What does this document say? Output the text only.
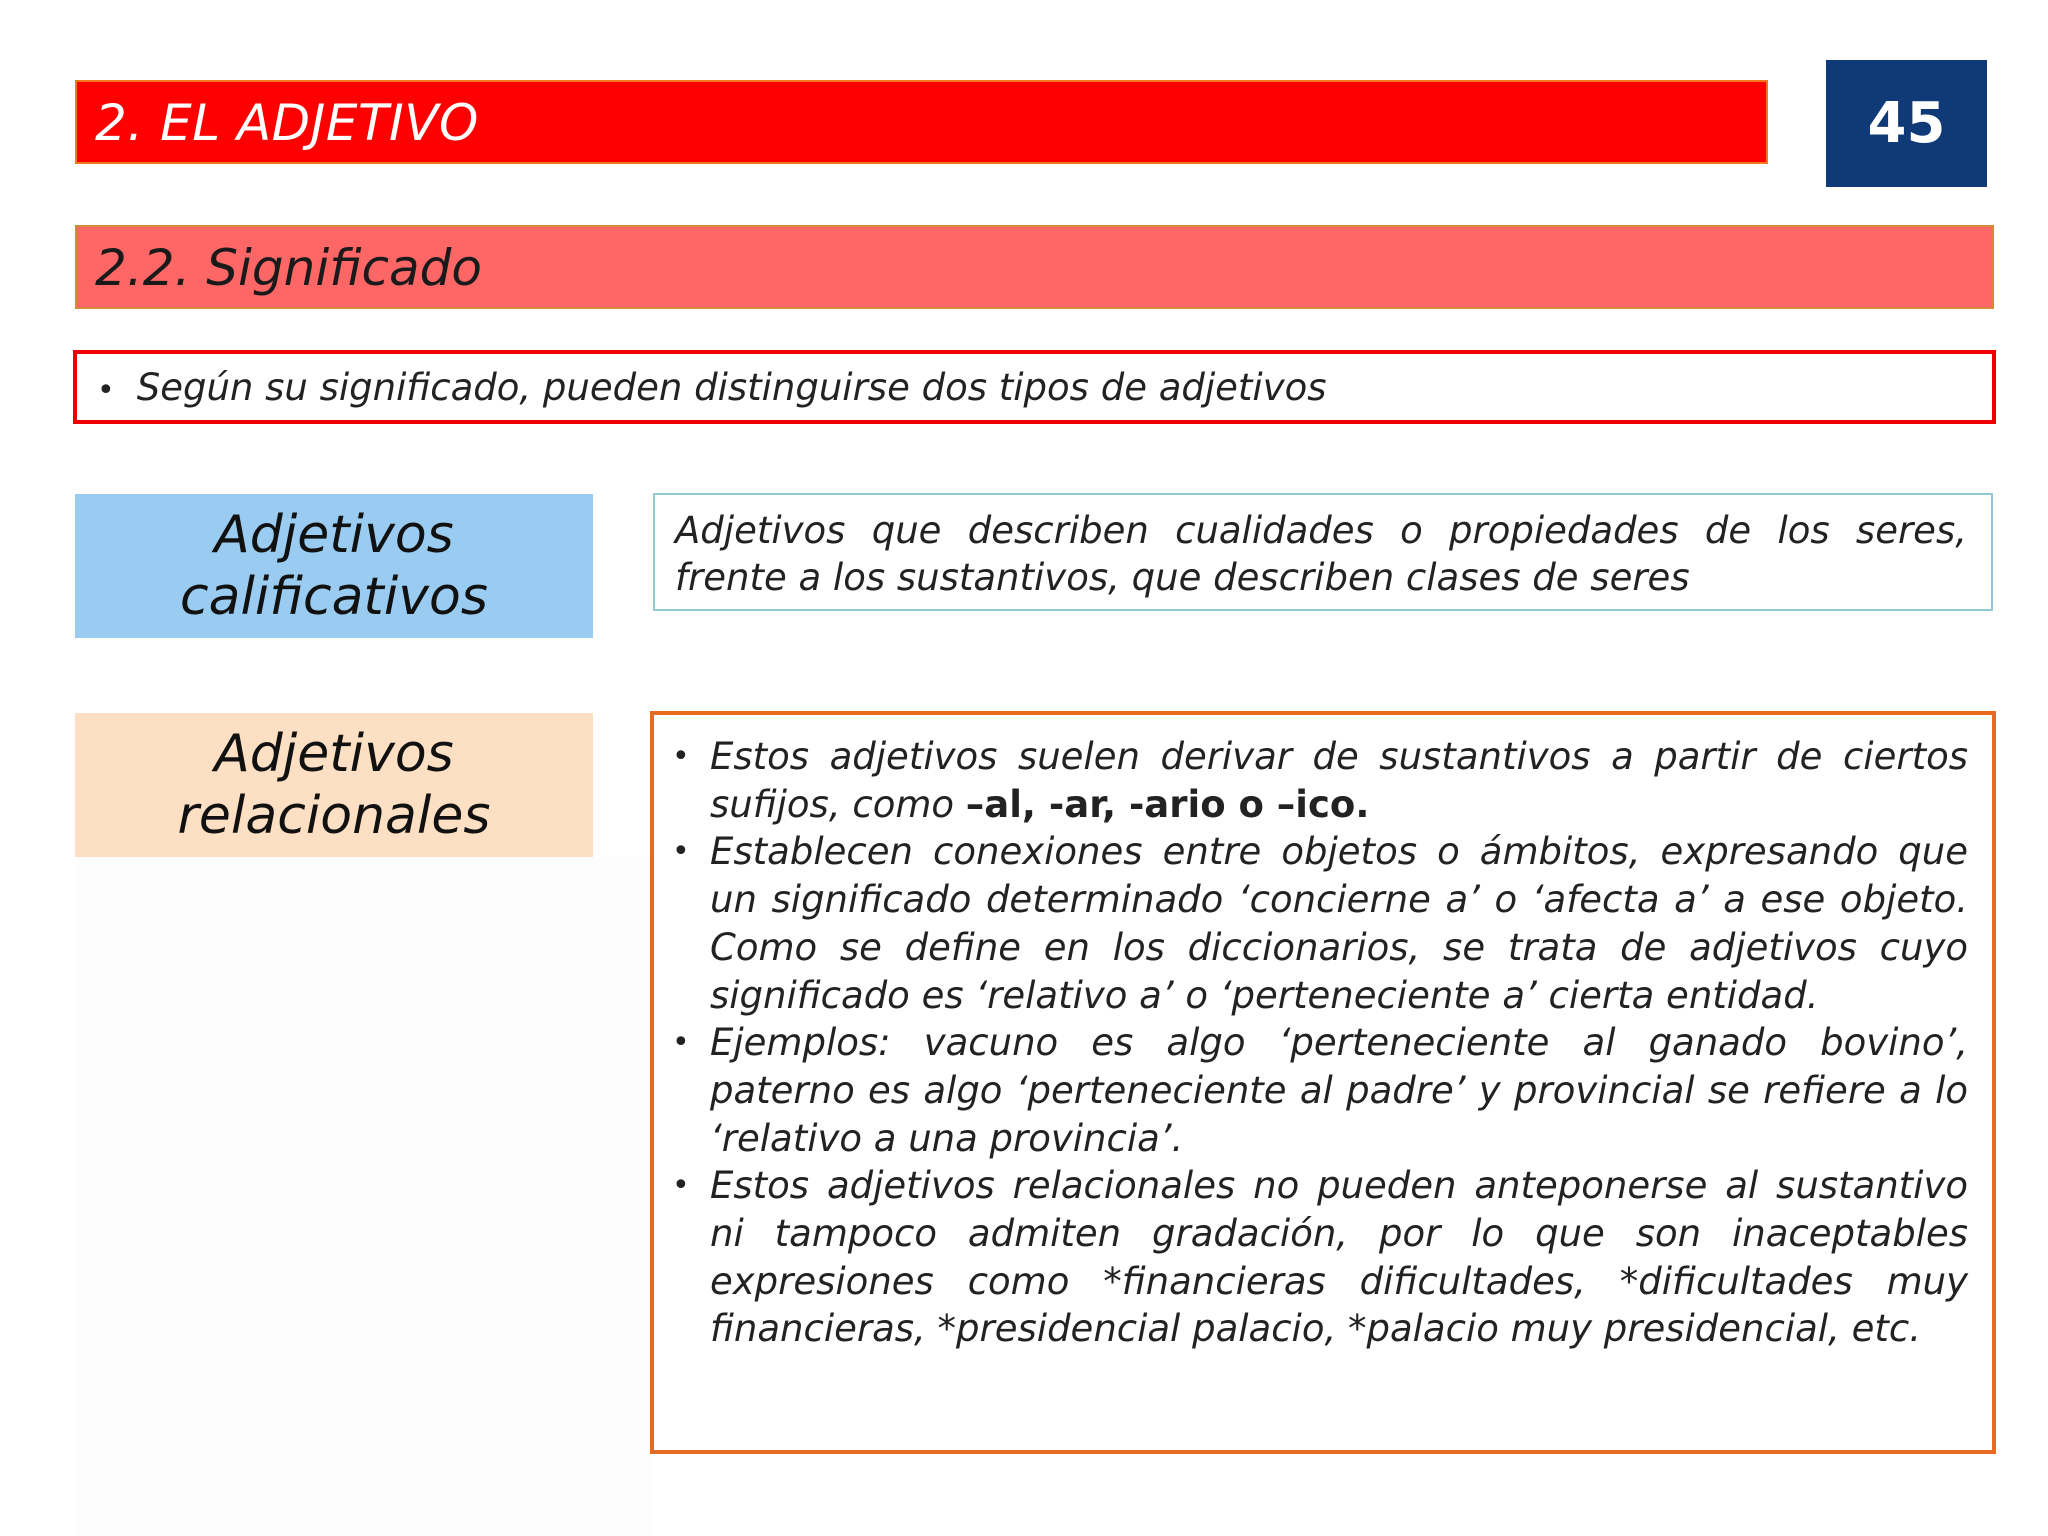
2. EL ADJETIVO	45
2.2. Significado
• Según su significado, pueden distinguirse dos tipos de adjetivos
Adjetivos
calificativos
Adjetivos que describen cualidades o propiedades de los seres, frente a los sustantivos, que describen clases de seres
Adjetivos
relacionales
• Estos adjetivos suelen derivar de sustantivos a partir de ciertos sufijos, como –al, -ar, -ario o –ico.
• Establecen conexiones entre objetos o ámbitos, expresando que un significado determinado ‘concierne a’ o ‘afecta a’ a ese objeto. Como se define en los diccionarios, se trata de adjetivos cuyo significado es ‘relativo a’ o ‘perteneciente a’ cierta entidad.
• Ejemplos: vacuno es algo ‘perteneciente al ganado bovino’, paterno es algo ‘perteneciente al padre’ y provincial se refiere a lo ‘relativo a una provincia’.
• Estos adjetivos relacionales no pueden anteponerse al sustantivo ni tampoco admiten gradación, por lo que son inaceptables expresiones como *financieras dificultades, *dificultades muy financieras, *presidencial palacio, *palacio muy presidencial, etc.
